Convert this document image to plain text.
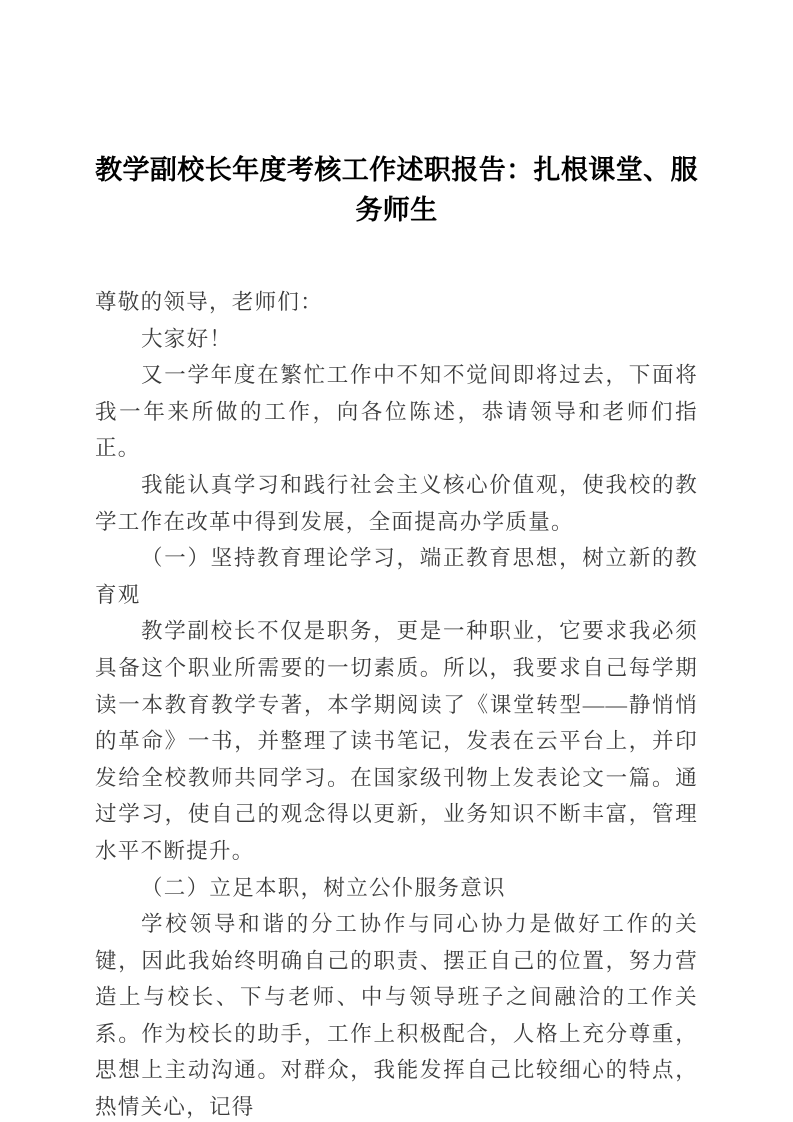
教学副校长年度考核工作述职报告：扎根课堂、服务师生

尊敬的领导，老师们：

大家好！

又一学年度在繁忙工作中不知不觉间即将过去，下面将我一年来所做的工作，向各位陈述，恭请领导和老师们指正。

我能认真学习和践行社会主义核心价值观，使我校的教学工作在改革中得到发展，全面提高办学质量。

（一）坚持教育理论学习，端正教育思想，树立新的教育观

教学副校长不仅是职务，更是一种职业，它要求我必须具备这个职业所需要的一切素质。所以，我要求自己每学期读一本教育教学专著，本学期阅读了《课堂转型——静悄悄的革命》一书，并整理了读书笔记，发表在云平台上，并印发给全校教师共同学习。在国家级刊物上发表论文一篇。通过学习，使自己的观念得以更新，业务知识不断丰富，管理水平不断提升。

（二）立足本职，树立公仆服务意识

学校领导和谐的分工协作与同心协力是做好工作的关键，因此我始终明确自己的职责、摆正自己的位置，努力营造上与校长、下与老师、中与领导班子之间融洽的工作关系。作为校长的助手，工作上积极配合，人格上充分尊重，思想上主动沟通。对群众，我能发挥自己比较细心的特点，热情关心，记得
